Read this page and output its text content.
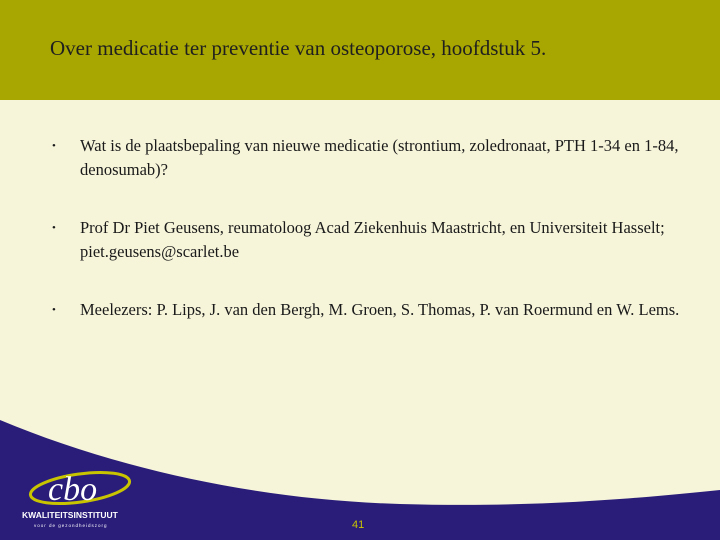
Over medicatie ter preventie van osteoporose, hoofdstuk 5.
•	Wat is de plaatsbepaling van nieuwe medicatie (strontium, zoledronaat, PTH 1-34 en 1-84, denosumab)?
•	Prof Dr Piet Geusens, reumatoloog Acad Ziekenhuis Maastricht, en Universiteit Hasselt; piet.geusens@scarlet.be
•	Meelezers: P. Lips, J. van den Bergh, M. Groen, S. Thomas, P. van Roermund en W. Lems.
cbo
KWALITEITSINSTITUUT
voor de gezondheidszorg	41
